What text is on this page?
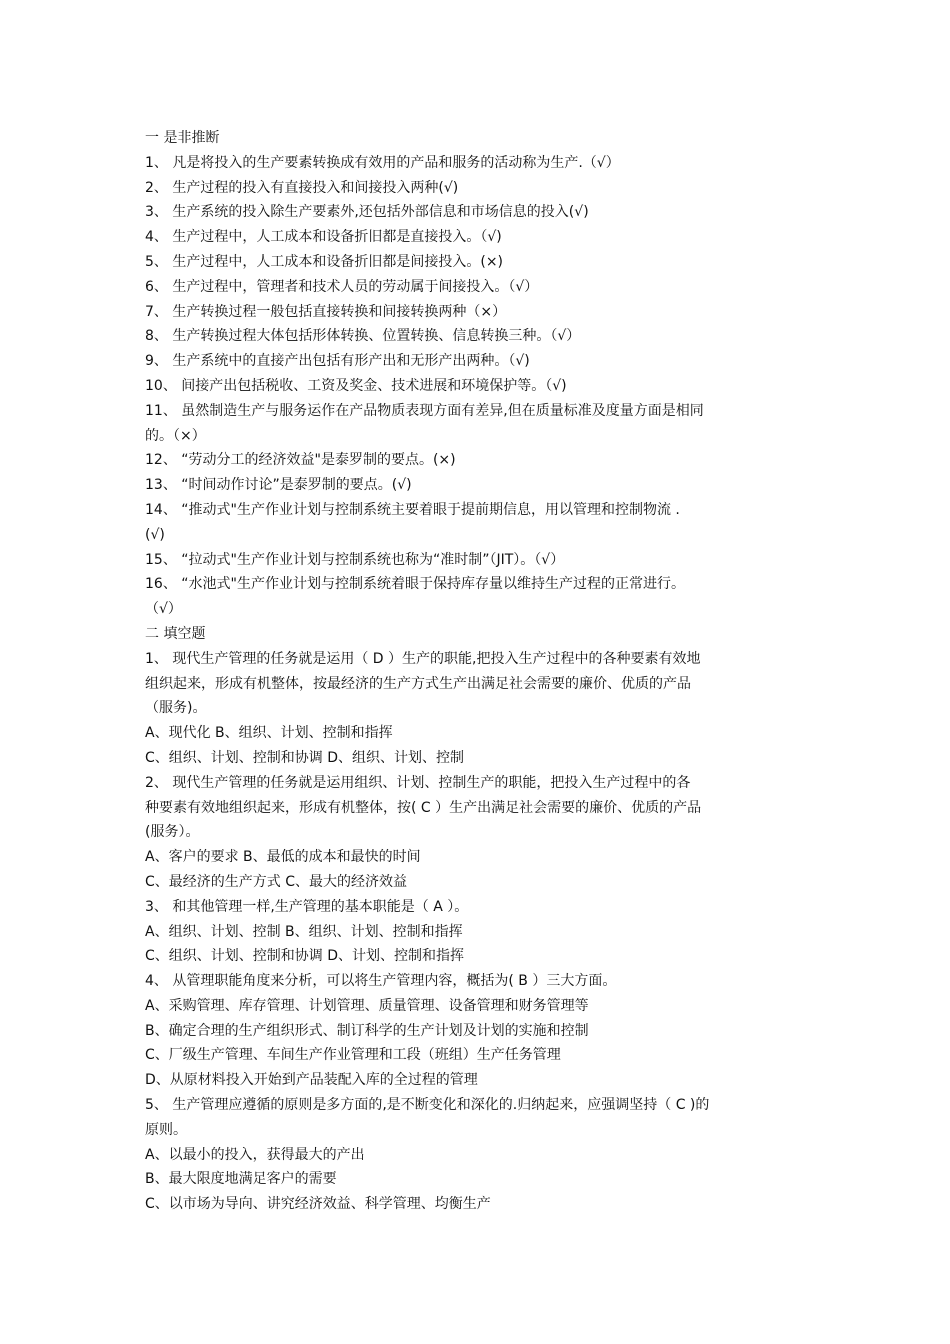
一 是非推断
1、 凡是将投入的生产要素转换成有效用的产品和服务的活动称为生产.（√）
2、 生产过程的投入有直接投入和间接投入两种(√)
3、 生产系统的投入除生产要素外,还包括外部信息和市场信息的投入(√)
4、 生产过程中，人工成本和设备折旧都是直接投入。（√)
5、 生产过程中，人工成本和设备折旧都是间接投入。(×)
6、 生产过程中，管理者和技术人员的劳动属于间接投入。（√）
7、 生产转换过程一般包括直接转换和间接转换两种（×）
8、 生产转换过程大体包括形体转换、位置转换、信息转换三种。（√）
9、 生产系统中的直接产出包括有形产出和无形产出两种。（√)
10、 间接产出包括税收、工资及奖金、技术进展和环境保护等。（√)
11、 虽然制造生产与服务运作在产品物质表现方面有差异,但在质量标准及度量方面是相同
的。（×）
12、 “劳动分工的经济效益"是泰罗制的要点。(×)
13、 “时间动作讨论”是泰罗制的要点。(√)
14、 “推动式"生产作业计划与控制系统主要着眼于提前期信息，用以管理和控制物流 .
(√)
15、 “拉动式"生产作业计划与控制系统也称为“准时制”（JIT）。（√）
16、 “水池式"生产作业计划与控制系统着眼于保持库存量以维持生产过程的正常进行。
（√）
二 填空题
1、 现代生产管理的任务就是运用（ D ）生产的职能,把投入生产过程中的各种要素有效地
组织起来，形成有机整体，按最经济的生产方式生产出满足社会需要的廉价、优质的产品
（服务)。
A、现代化 B、组织、计划、控制和指挥
C、组织、计划、控制和协调 D、组织、计划、控制
2、 现代生产管理的任务就是运用组织、计划、控制生产的职能，把投入生产过程中的各
种要素有效地组织起来，形成有机整体，按( C ）生产出满足社会需要的廉价、优质的产品
(服务）。
A、客户的要求 B、最低的成本和最快的时间
C、最经济的生产方式 C、最大的经济效益
3、 和其他管理一样,生产管理的基本职能是（ A ）。
A、组织、计划、控制 B、组织、计划、控制和指挥
C、组织、计划、控制和协调 D、计划、控制和指挥
4、 从管理职能角度来分析，可以将生产管理内容，概括为( B ）三大方面。
A、采购管理、库存管理、计划管理、质量管理、设备管理和财务管理等
B、确定合理的生产组织形式、制订科学的生产计划及计划的实施和控制
C、厂级生产管理、车间生产作业管理和工段（班组）生产任务管理
D、从原材料投入开始到产品装配入库的全过程的管理
5、 生产管理应遵循的原则是多方面的,是不断变化和深化的.归纳起来，应强调坚持（ C )的
原则。
A、以最小的投入，获得最大的产出
B、最大限度地满足客户的需要
C、以市场为导向、讲究经济效益、科学管理、均衡生产
